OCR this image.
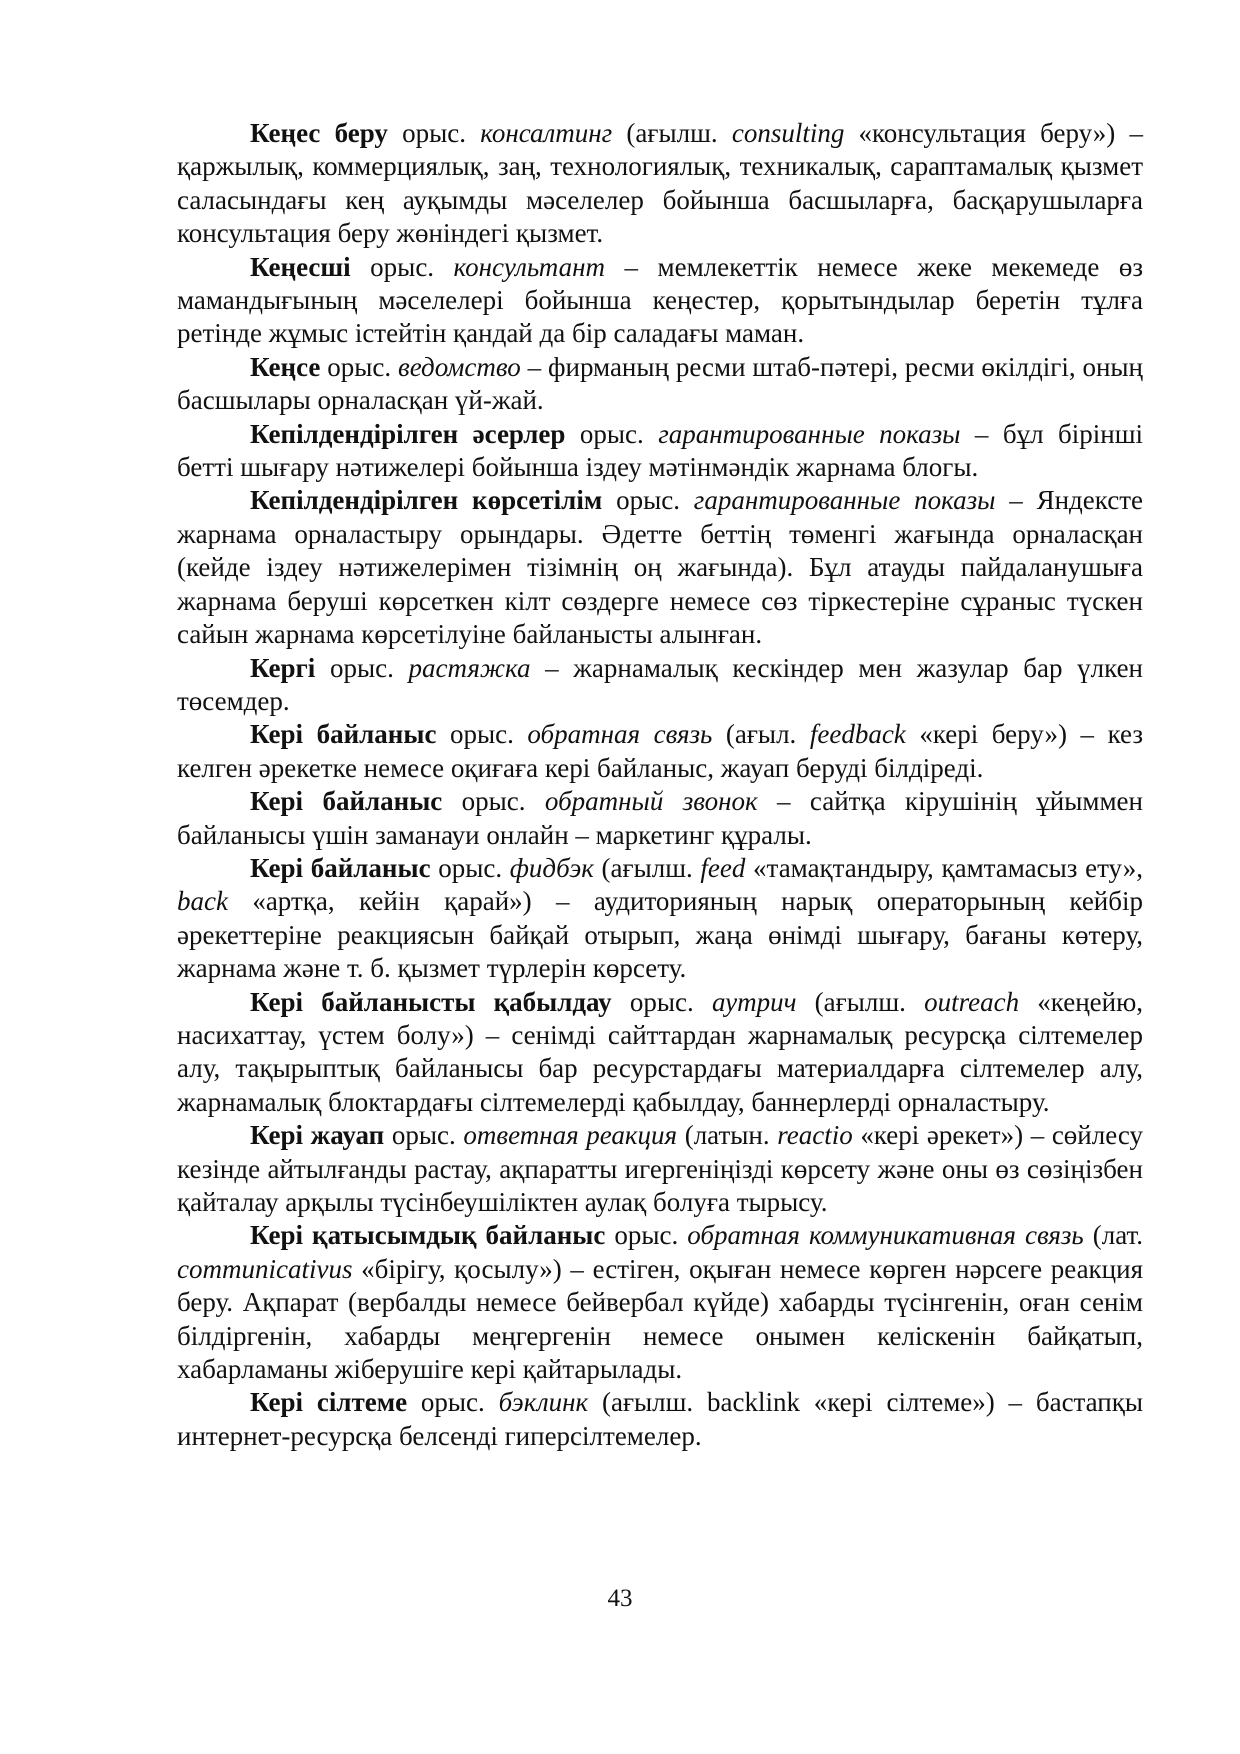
Кеңес беру орыс. консалтинг (ағылш. consulting «консультация беру») – қаржылық, коммерциялық, заң, технологиялық, техникалық, сараптамалық қызмет саласындағы кең ауқымды мәселелер бойынша басшыларға, басқарушыларға консультация беру жөніндегі қызмет.

Кеңесші орыс. консультант – мемлекеттік немесе жеке мекемеде өз мамандығының мәселелері бойынша кеңестер, қорытындылар беретін тұлға ретінде жұмыс істейтін қандай да бір саладағы маман.

Кеңсе орыс. ведомство – фирманың ресми штаб-пәтері, ресми өкілдігі, оның басшылары орналасқан үй-жай.

Кепілдендірілген әсерлер орыс. гарантированные показы – бұл бірінші бетті шығару нәтижелері бойынша іздеу мәтінмәндік жарнама блогы.

Кепілдендірілген көрсетілім орыс. гарантированные показы – Яндексте жарнама орналастыру орындары. Әдетте беттің төменгі жағында орналасқан (кейде іздеу нәтижелерімен тізімнің оң жағында). Бұл атауды пайдаланушыға жарнама беруші көрсеткен кілт сөздерге немесе сөз тіркестеріне сұраныс түскен сайын жарнама көрсетілуіне байланысты алынған.

Кергі орыс. растяжка – жарнамалық кескіндер мен жазулар бар үлкен төсемдер.

Кері байланыс орыс. обратная связь (ағыл. feedback «кері беру») – кез келген әрекетке немесе оқиғаға кері байланыс, жауап беруді білдіреді.

Кері байланыс орыс. обратный звонок – сайтқа кірушінің ұйыммен байланысы үшін заманауи онлайн – маркетинг құралы.

Кері байланыс орыс. фидбэк (ағылш. feed «тамақтандыру, қамтамасыз ету», back «артқа, кейін қарай») – аудиторияның нарық операторының кейбір әрекеттеріне реакциясын байқай отырып, жаңа өнімді шығару, бағаны көтеру, жарнама және т. б. қызмет түрлерін көрсету.

Кері байланысты қабылдау орыс. аутрич (ағылш. outreach «кеңейю, насихаттау, үстем болу») – сенімді сайттардан жарнамалық ресурсқа сілтемелер алу, тақырыптық байланысы бар ресурстардағы материалдарға сілтемелер алу, жарнамалық блоктардағы сілтемелерді қабылдау, баннерлерді орналастыру.

Кері жауап орыс. ответная реакция (латын. reactio «кері әрекет») – сөйлесу кезінде айтылғанды растау, ақпаратты игергеніңізді көрсету және оны өз сөзіңізбен қайталау арқылы түсінбеушіліктен аулақ болуға тырысу.

Кері қатысымдық байланыс орыс. обратная коммуникативная связь (лат. communicativus «бірігу, қосылу») – естіген, оқыған немесе көрген нәрсеге реакция беру. Ақпарат (вербалды немесе бейвербал күйде) хабарды түсінгенін, оған сенім білдіргенін, хабарды меңгергенін немесе онымен келіскенін байқатып, хабарламаны жіберушіге кері қайтарылады.

Кері сілтеме орыс. бэклинк (ағылш. backlink «кері сілтеме») – бастапқы интернет-ресурсқа белсенді гиперсілтемелер.

43
